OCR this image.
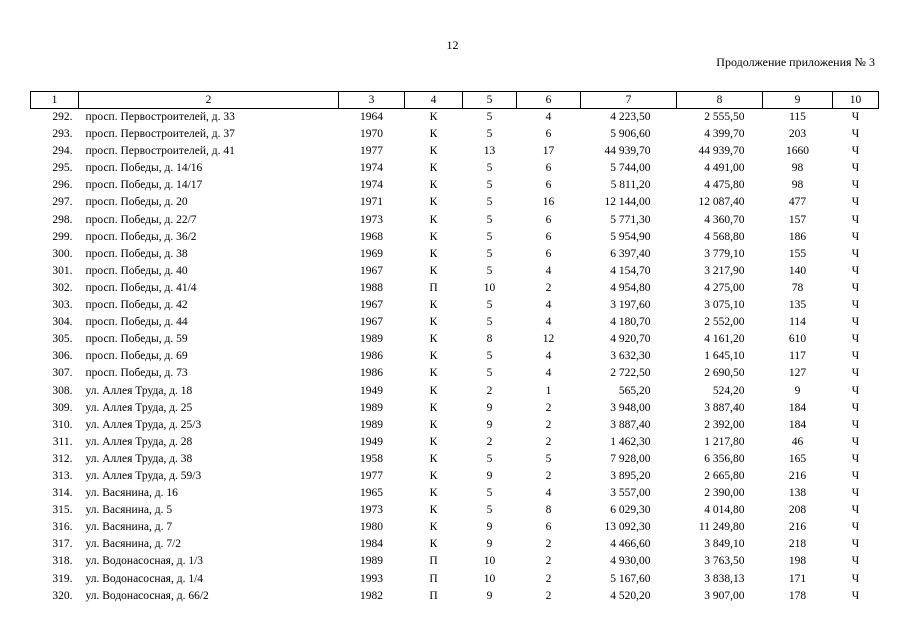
12
Продолжение приложения № 3
1	2	3	4	5	6	7	8	9	10
292.	просп. Первостроителей, д. 33	1964	К	5	4	4 223,50	2 555,50	115	Ч
293.	просп. Первостроителей, д. 37	1970	К	5	6	5 906,60	4 399,70	203	Ч
294.	просп. Первостроителей, д. 41	1977	К	13	17	44 939,70	44 939,70	1660	Ч
295.	просп. Победы, д. 14/16	1974	К	5	6	5 744,00	4 491,00	98	Ч
296.	просп. Победы, д. 14/17	1974	К	5	6	5 811,20	4 475,80	98	Ч
297.	просп. Победы, д. 20	1971	К	5	16	12 144,00	12 087,40	477	Ч
298.	просп. Победы, д. 22/7	1973	К	5	6	5 771,30	4 360,70	157	Ч
299.	просп. Победы, д. 36/2	1968	К	5	6	5 954,90	4 568,80	186	Ч
300.	просп. Победы, д. 38	1969	К	5	6	6 397,40	3 779,10	155	Ч
301.	просп. Победы, д. 40	1967	К	5	4	4 154,70	3 217,90	140	Ч
302.	просп. Победы, д. 41/4	1988	П	10	2	4 954,80	4 275,00	78	Ч
303.	просп. Победы, д. 42	1967	К	5	4	3 197,60	3 075,10	135	Ч
304.	просп. Победы, д. 44	1967	К	5	4	4 180,70	2 552,00	114	Ч
305.	просп. Победы, д. 59	1989	К	8	12	4 920,70	4 161,20	610	Ч
306.	просп. Победы, д. 69	1986	К	5	4	3 632,30	1 645,10	117	Ч
307.	просп. Победы, д. 73	1986	К	5	4	2 722,50	2 690,50	127	Ч
308.	ул. Аллея Труда, д. 18	1949	К	2	1	565,20	524,20	9	Ч
309.	ул. Аллея Труда, д. 25	1989	К	9	2	3 948,00	3 887,40	184	Ч
310.	ул. Аллея Труда, д. 25/3	1989	К	9	2	3 887,40	2 392,00	184	Ч
311.	ул. Аллея Труда, д. 28	1949	К	2	2	1 462,30	1 217,80	46	Ч
312.	ул. Аллея Труда, д. 38	1958	К	5	5	7 928,00	6 356,80	165	Ч
313.	ул. Аллея Труда, д. 59/3	1977	К	9	2	3 895,20	2 665,80	216	Ч
314.	ул. Васянина, д. 16	1965	К	5	4	3 557,00	2 390,00	138	Ч
315.	ул. Васянина, д. 5	1973	К	5	8	6 029,30	4 014,80	208	Ч
316.	ул. Васянина, д. 7	1980	К	9	6	13 092,30	11 249,80	216	Ч
317.	ул. Васянина, д. 7/2	1984	К	9	2	4 466,60	3 849,10	218	Ч
318.	ул. Водонасосная, д. 1/3	1989	П	10	2	4 930,00	3 763,50	198	Ч
319.	ул. Водонасосная, д. 1/4	1993	П	10	2	5 167,60	3 838,13	171	Ч
320.	ул. Водонасосная, д. 66/2	1982	П	9	2	4 520,20	3 907,00	178	Ч
